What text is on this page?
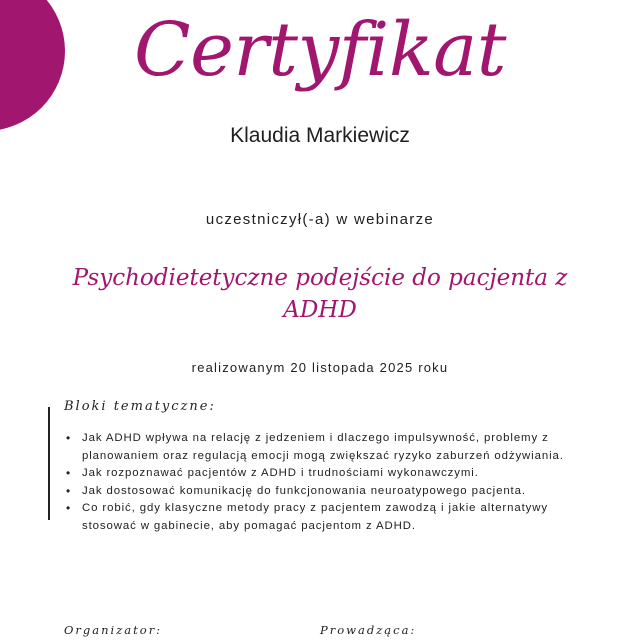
Certyfikat
Klaudia Markiewicz
uczestniczył(-a) w webinarze
Psychodietetyczne podejście do pacjenta z ADHD
realizowanym 20 listopada 2025 roku
Bloki tematyczne:
• Jak ADHD wpływa na relację z jedzeniem i dlaczego impulsywność, problemy z planowaniem oraz regulacją emocji mogą zwiększać ryzyko zaburzeń odżywiania.
• Jak rozpoznawać pacjentów z ADHD i trudnościami wykonawczymi.
• Jak dostosować komunikację do funkcjonowania neuroatypowego pacjenta.
• Co robić, gdy klasyczne metody pracy z pacjentem zawodzą i jakie alternatywy stosować w gabinecie, aby pomagać pacjentom z ADHD.
Organizator:	Prowadząca:
